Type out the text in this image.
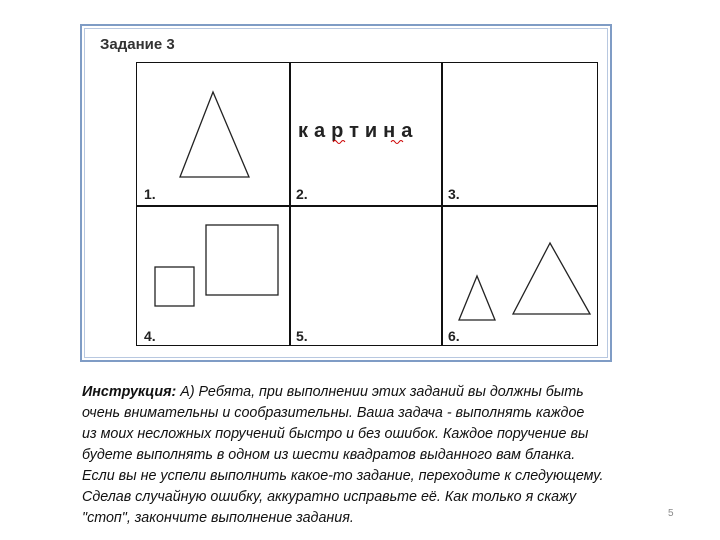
Задание 3
1.	2.	3.
4.	5.	6.
картина
Инструкция: А) Ребята, при выполнении этих заданий вы должны быть
очень внимательны и сообразительны. Ваша задача - выполнять каждое
из моих несложных поручений быстро и без ошибок. Каждое поручение вы
будете выполнять в одном из шести квадратов выданного вам бланка.
Если вы не успели выполнить какое-то задание, переходите к следующему.
Сделав случайную ошибку, аккуратно исправьте её. Как только я скажу
"стоп", закончите выполнение задания.	5
